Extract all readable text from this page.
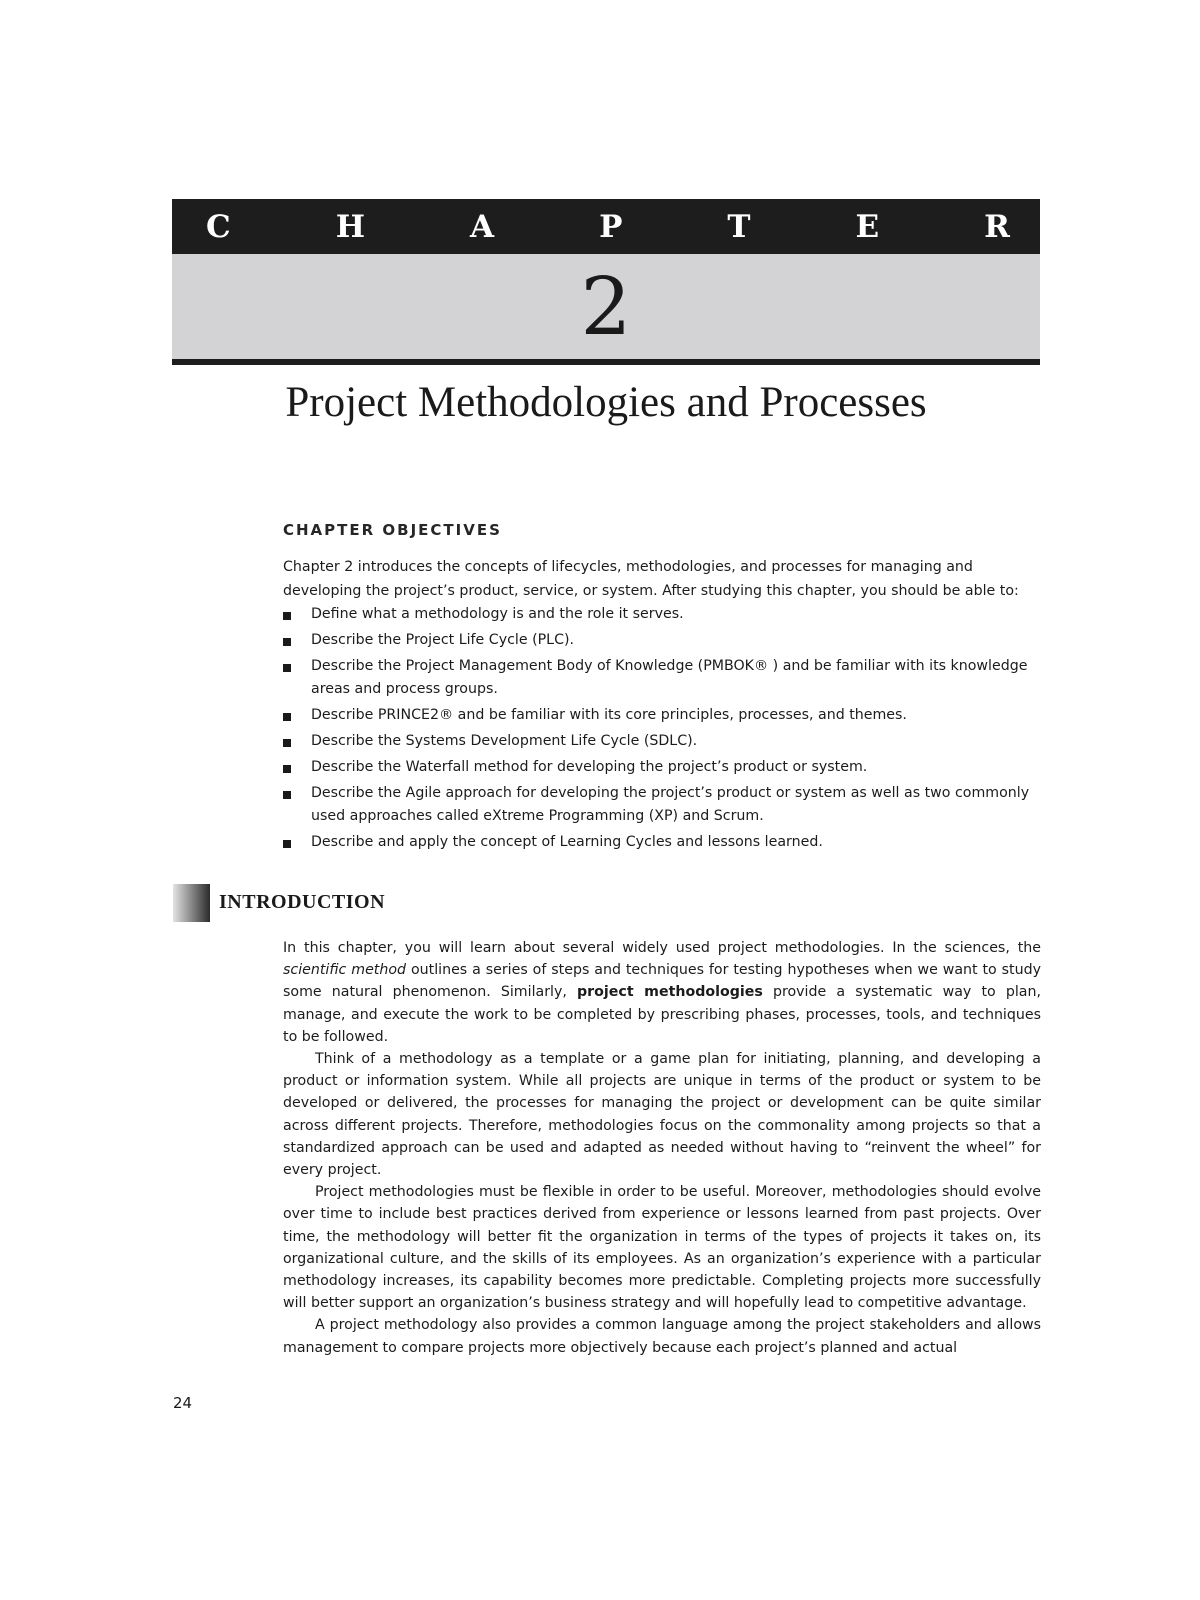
C	H	A	P	T	E	R
2
Project Methodologies and Processes
CHAPTER OBJECTIVES

Chapter 2 introduces the concepts of lifecycles, methodologies, and processes for managing and developing the project’s product, service, or system. After studying this chapter, you should be able to:

Define what a methodology is and the role it serves.
Describe the Project Life Cycle (PLC).
Describe the Project Management Body of Knowledge (PMBOK® ) and be familiar with its knowledge areas and process groups.
Describe PRINCE2® and be familiar with its core principles, processes, and themes.
Describe the Systems Development Life Cycle (SDLC).
Describe the Waterfall method for developing the project’s product or system.
Describe the Agile approach for developing the project’s product or system as well as two commonly used approaches called eXtreme Programming (XP) and Scrum.
Describe and apply the concept of Learning Cycles and lessons learned.
INTRODUCTION

In this chapter, you will learn about several widely used project methodologies. In the sciences, the scientific method outlines a series of steps and techniques for testing hypotheses when we want to study some natural phenomenon. Similarly, project methodologies provide a systematic way to plan, manage, and execute the work to be completed by prescribing phases, processes, tools, and techniques to be followed.

Think of a methodology as a template or a game plan for initiating, planning, and developing a product or information system. While all projects are unique in terms of the product or system to be developed or delivered, the processes for managing the project or development can be quite similar across different projects. Therefore, methodologies focus on the commonality among projects so that a standardized approach can be used and adapted as needed without having to “reinvent the wheel” for every project.

Project methodologies must be flexible in order to be useful. Moreover, methodologies should evolve over time to include best practices derived from experience or lessons learned from past projects. Over time, the methodology will better fit the organization in terms of the types of projects it takes on, its organizational culture, and the skills of its employees. As an organization’s experience with a particular methodology increases, its capability becomes more predictable. Completing projects more successfully will better support an organization’s business strategy and will hopefully lead to competitive advantage.

A project methodology also provides a common language among the project stakeholders and allows management to compare projects more objectively because each project’s planned and actual

24
